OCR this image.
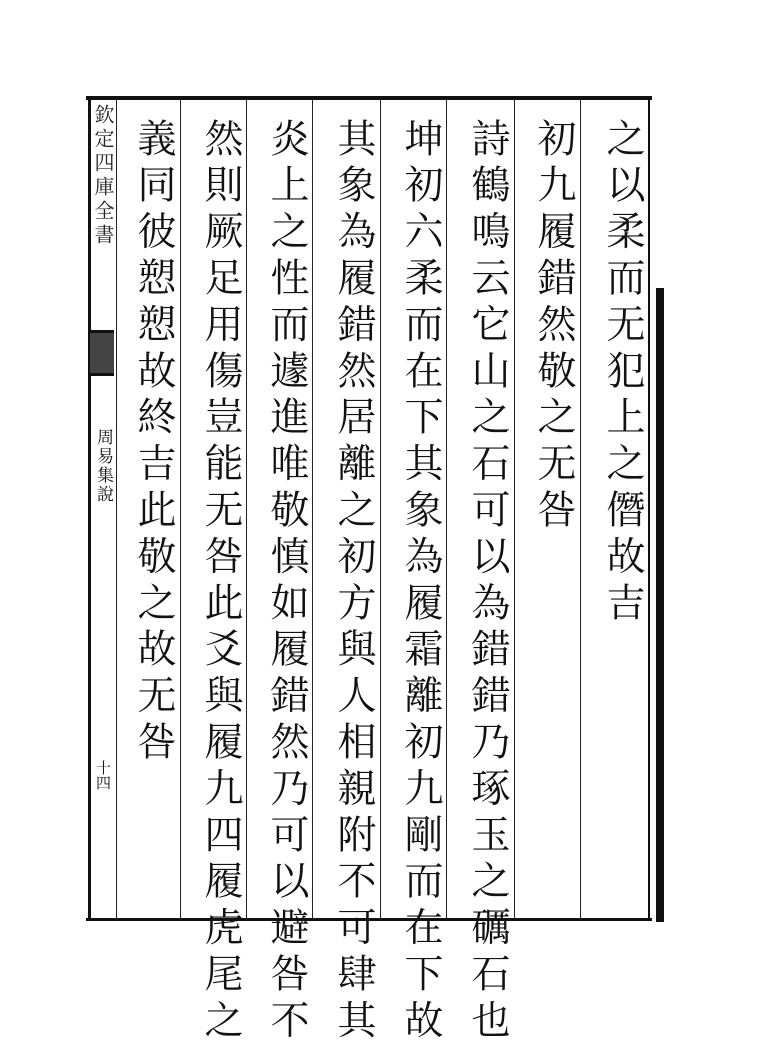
欽定四庫全書
周易集說
十四
之以柔而无犯上之僭故吉
初九履錯然敬之无咎
詩鶴鳴云它山之石可以為錯錯乃琢玉之礪石也
坤初六柔而在下其象為履霜離初九剛而在下故
其象為履錯然居離之初方與人相親附不可肆其
炎上之性而遽進唯敬慎如履錯然乃可以避咎不
然則厥足用傷豈能无咎此爻與履九四履虎尾之
義同彼愬愬故終吉此敬之故无咎
